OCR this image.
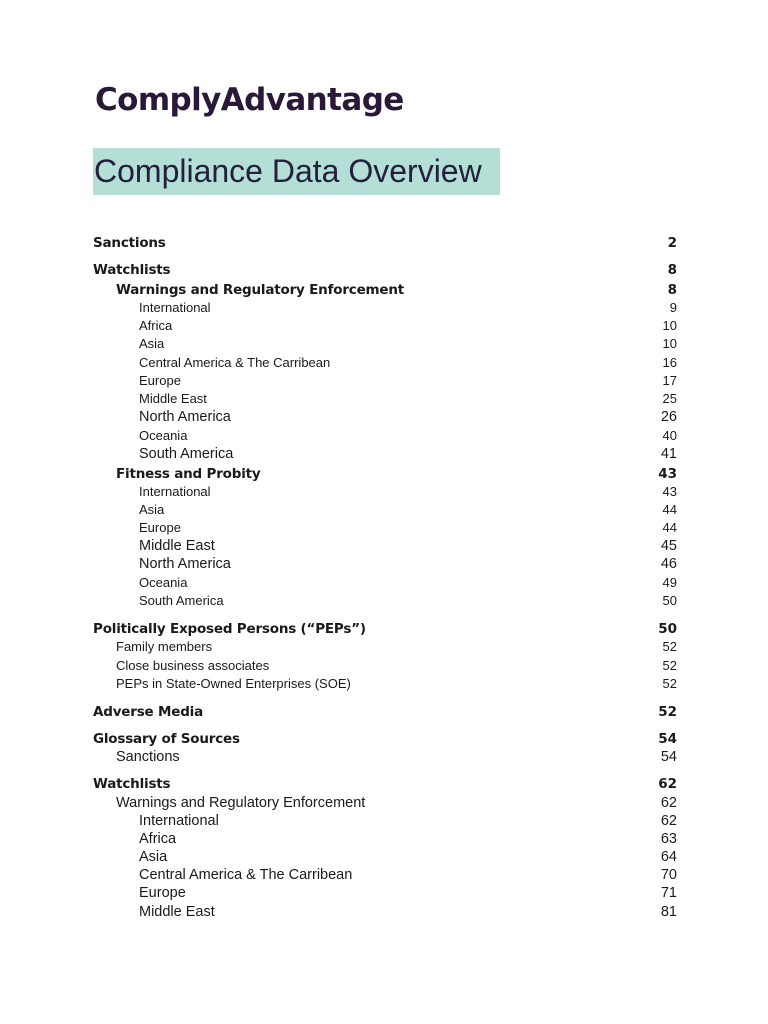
ComplyAdvantage
Compliance Data Overview
Sanctions	2
Watchlists	8
Warnings and Regulatory Enforcement	8
International	9
Africa	10
Asia	10
Central America & The Carribean	16
Europe	17
Middle East	25
North America	26
Oceania	40
South America	41
Fitness and Probity	43
International	43
Asia	44
Europe	44
Middle East	45
North America	46
Oceania	49
South America	50
Politically Exposed Persons (“PEPs”)	50
Family members	52
Close business associates	52
PEPs in State-Owned Enterprises (SOE)	52
Adverse Media	52
Glossary of Sources	54
Sanctions	54
Watchlists	62
Warnings and Regulatory Enforcement	62
International	62
Africa	63
Asia	64
Central America & The Carribean	70
Europe	71
Middle East	81
